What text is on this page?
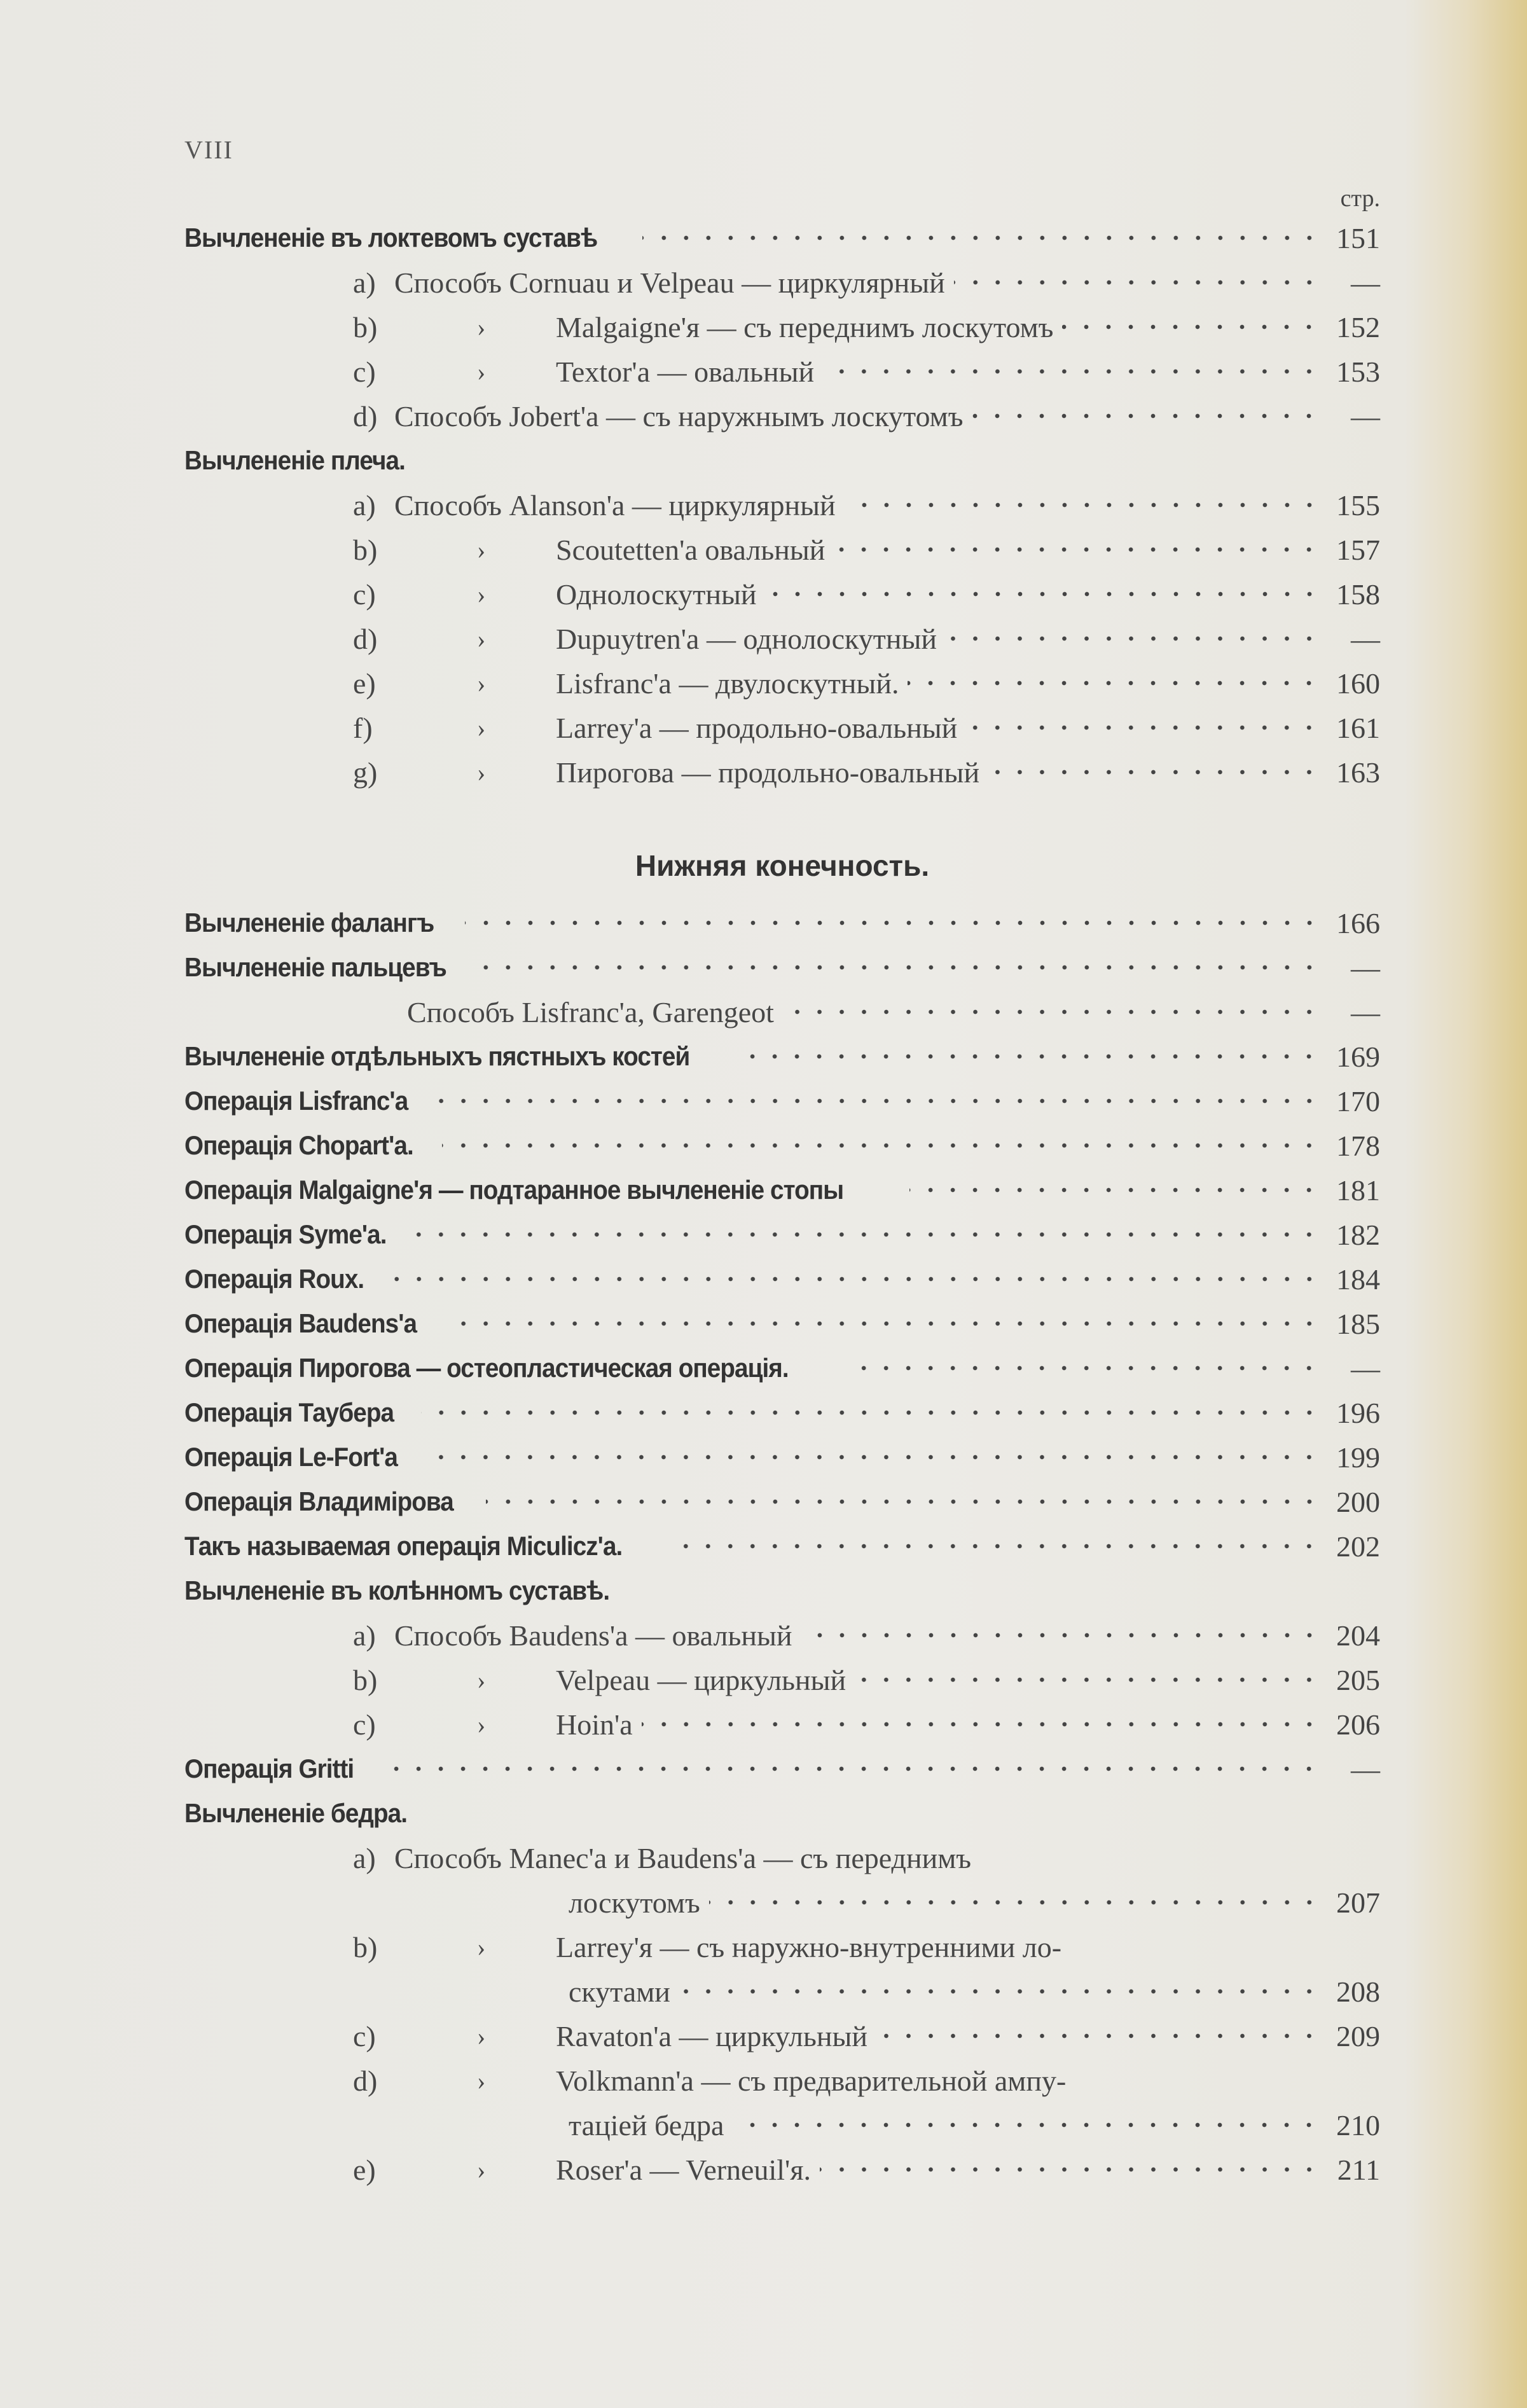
VIII
стр.
Вычлененіе въ локтевомъ суставѣ	151
a) Способъ Cornuau и Velpeau — циркулярный	—
b)	› Malgaigne'я — съ переднимъ лоскутомъ	152
c)	› Textor'a — овальный	153
d) Способъ Jobert'a — съ наружнымъ лоскутомъ	—
Вычлененіе плеча.
a) Способъ Alanson'a — циркулярный	155
b)	› Scoutetten'a овальный	157
c)	› Однолоскутный	158
d)	› Dupuytren'a — однолоскутный	—
e)	› Lisfranc'a — двулоскутный.	160
f)	› Larrey'a — продольно-овальный	161
g)	› Пирогова — продольно-овальный	163
Нижняя конечность.
Вычлененіе фалангъ	166
Вычлененіе пальцевъ	—
Способъ Lisfranc'a, Garengeot	—
Вычлененіе отдѣльныхъ пястныхъ костей	169
Операція Lisfranc'a	170
Операція Chopart'a.	178
Операція Malgaigne'я — подтаранное вычлененіе стопы	181
Операція Syme'a.	182
Операція Roux.	184
Операція Baudens'a	185
Операція Пирогова — остеопластическая операція.	—
Операція Таубера	196
Операція Le-Fort'a	199
Операція Владимірова	200
Такъ называемая операція Miculicz'a.	202
Вычлененіе въ колѣнномъ суставѣ.
a) Способъ Baudens'a — овальный	204
b)	› Velpeau — циркульный	205
c)	› Hoin'a	206
Операція Gritti	—
Вычлененіе бедра.
a) Способъ Manec'a и Baudens'a — съ переднимъ
лоскутомъ	207
b)	› Larrey'я — съ наружно-внутренними ло-
скутами	208
c)	› Ravaton'a — циркульный	209
d)	› Volkmann'a — съ предварительной ампу-
таціей бедра	210
e)	› Roser'a — Verneuil'я.	211
